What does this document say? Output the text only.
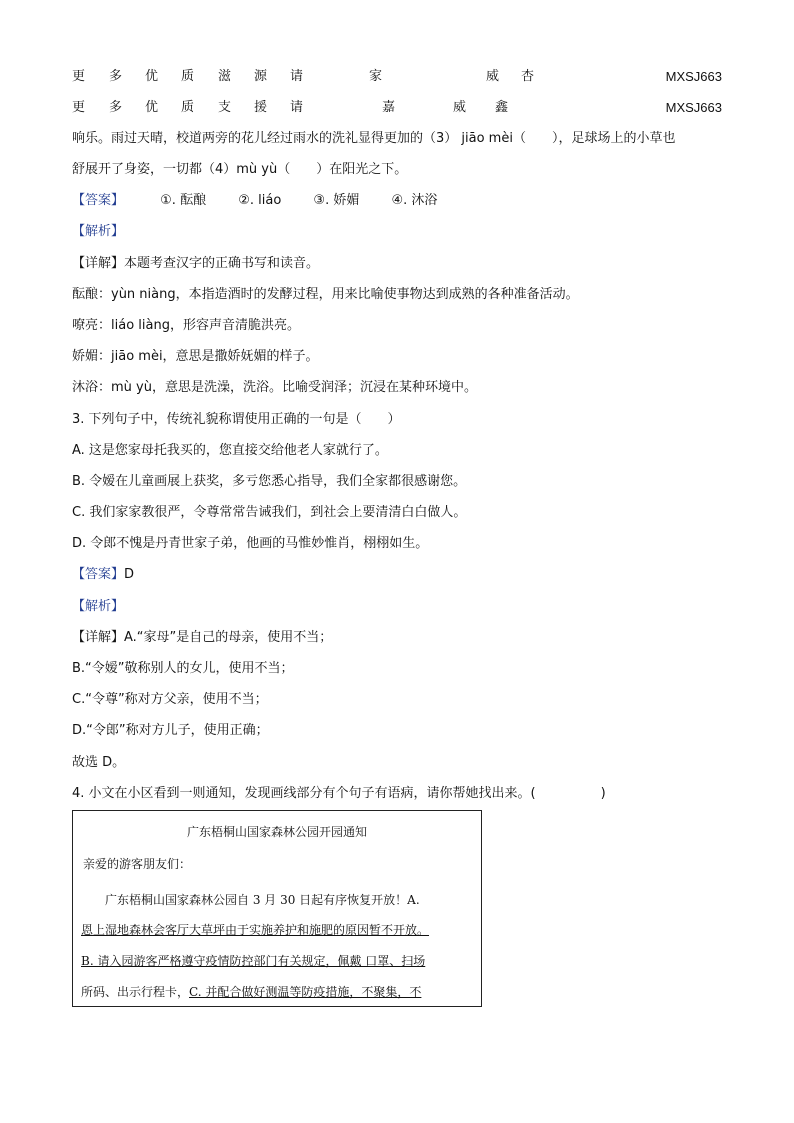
更 多 优 质 滋 源 请	家	威 杏	MXSJ663
更 多 优 质 支 援 请	嘉	威 鑫	MXSJ663
响乐。雨过天晴，校道两旁的花儿经过雨水的洗礼显得更加的（3） jiāo mèi（　　），足球场上的小草也
舒展开了身姿，一切都（4）mù yù（　　）在阳光之下。
【答案】	①. 酝酿 ②. liáo ③. 娇媚 ④. 沐浴
【解析】
【详解】本题考查汉字的正确书写和读音。
酝酿：yùn niàng，本指造酒时的发酵过程，用来比喻使事物达到成熟的各种准备活动。
嘹亮：liáo liàng，形容声音清脆洪亮。
娇媚：jiāo mèi，意思是撒娇妩媚的样子。
沐浴：mù yù，意思是洗澡，洗浴。比喻受润泽；沉浸在某种环境中。
3. 下列句子中，传统礼貌称谓使用正确的一句是（　　）
A. 这是您家母托我买的，您直接交给他老人家就行了。
B. 令嫒在儿童画展上获奖，多亏您悉心指导，我们全家都很感谢您。
C. 我们家家教很严，令尊常常告诫我们，到社会上要清清白白做人。
D. 令郎不愧是丹青世家子弟，他画的马惟妙惟肖，栩栩如生。
【答案】D
【解析】
【详解】A.“家母”是自己的母亲，使用不当；
B.“令嫒”敬称别人的女儿，使用不当；
C.“令尊”称对方父亲，使用不当；
D.“令郎”称对方儿子，使用正确；
故选 D。
4. 小文在小区看到一则通知，发现画线部分有个句子有语病，请你帮她找出来。(　　　　　)
广东梧桐山国家森林公园开园通知
亲爱的游客朋友们：
广东梧桐山国家森林公园自 3 月 30 日起有序恢复开放！A.
恩上湿地森林会客厅大草坪由于实施养护和施肥的原因暂不开放。
B. 请入园游客严格遵守疫情防控部门有关规定，佩戴 口罩、扫场
所码、出示行程卡，C. 并配合做好测温等防疫措施，不聚集，不
